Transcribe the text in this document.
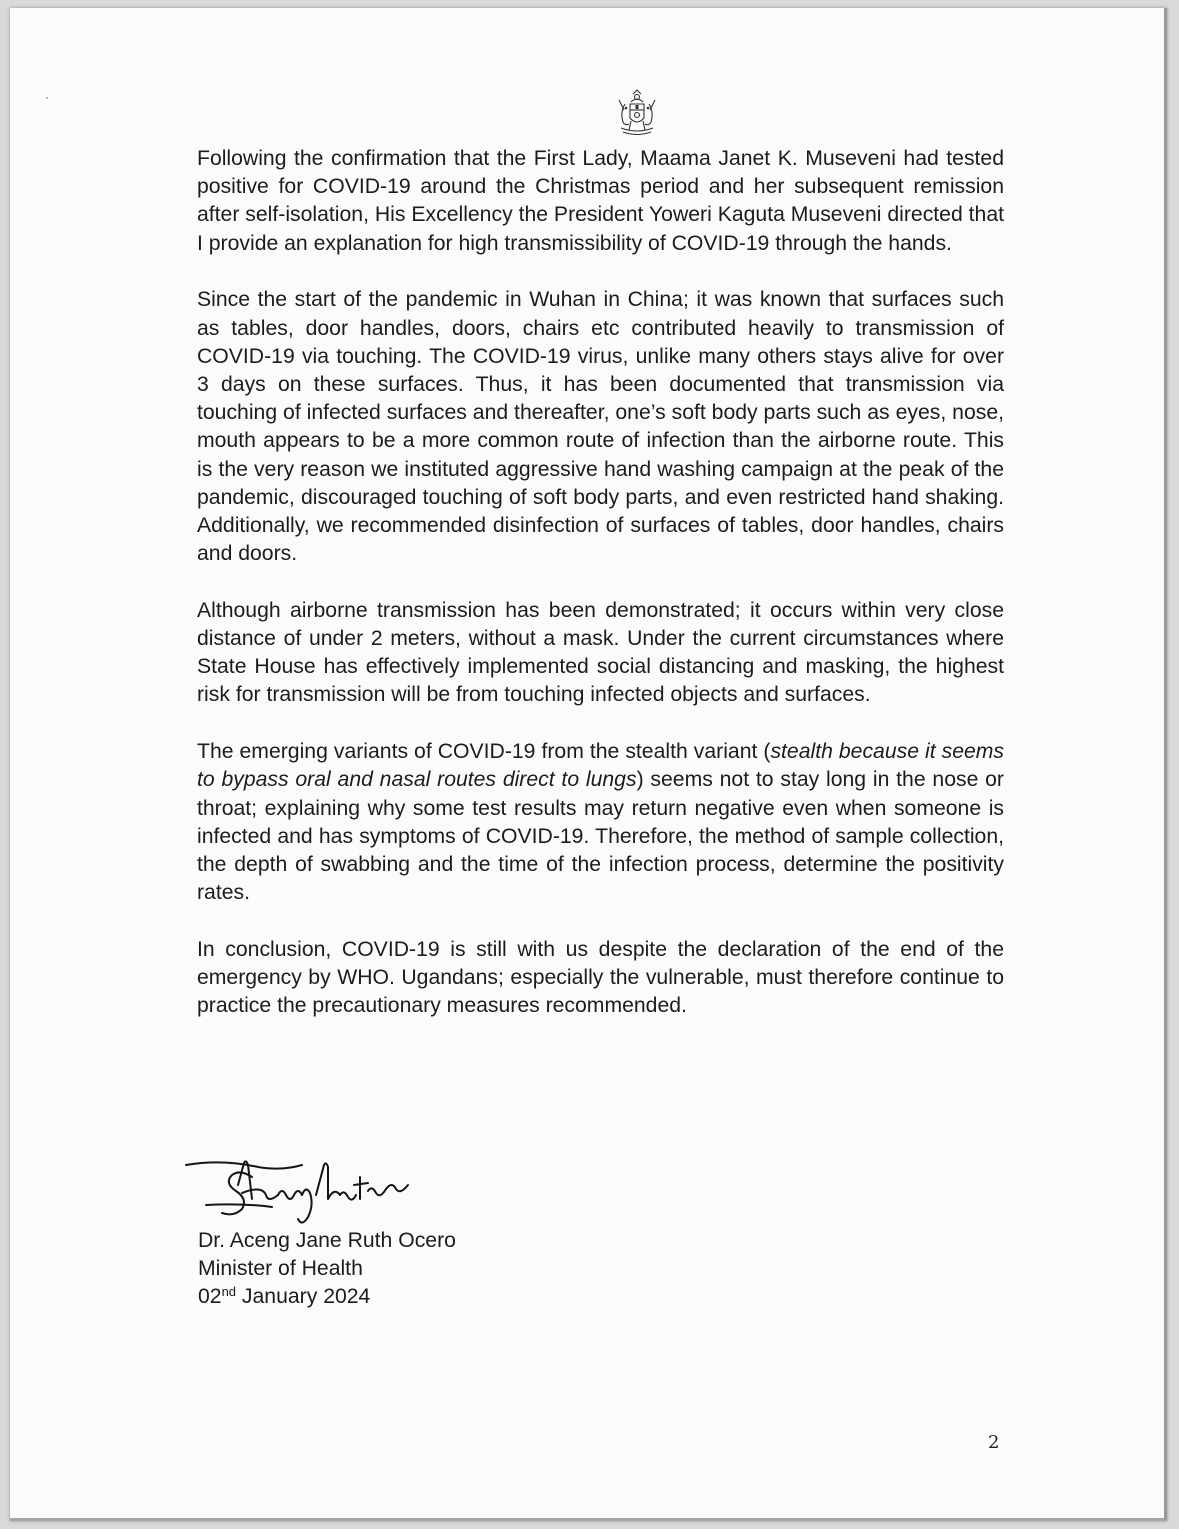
Following the confirmation that the First Lady, Maama Janet K. Museveni had tested positive for COVID-19 around the Christmas period and her subsequent remission after self-isolation, His Excellency the President Yoweri Kaguta Museveni directed that I provide an explanation for high transmissibility of COVID-19 through the hands.

Since the start of the pandemic in Wuhan in China; it was known that surfaces such as tables, door handles, doors, chairs etc contributed heavily to transmission of COVID-19 via touching. The COVID-19 virus, unlike many others stays alive for over 3 days on these surfaces. Thus, it has been documented that transmission via touching of infected surfaces and thereafter, one’s soft body parts such as eyes, nose, mouth appears to be a more common route of infection than the airborne route. This is the very reason we instituted aggressive hand washing campaign at the peak of the pandemic, discouraged touching of soft body parts, and even restricted hand shaking. Additionally, we recommended disinfection of surfaces of tables, door handles, chairs and doors.

Although airborne transmission has been demonstrated; it occurs within very close distance of under 2 meters, without a mask. Under the current circumstances where State House has effectively implemented social distancing and masking, the highest risk for transmission will be from touching infected objects and surfaces.

The emerging variants of COVID-19 from the stealth variant (stealth because it seems to bypass oral and nasal routes direct to lungs) seems not to stay long in the nose or throat; explaining why some test results may return negative even when someone is infected and has symptoms of COVID-19. Therefore, the method of sample collection, the depth of swabbing and the time of the infection process, determine the positivity rates.

In conclusion, COVID-19 is still with us despite the declaration of the end of the emergency by WHO. Ugandans; especially the vulnerable, must therefore continue to practice the precautionary measures recommended.

Dr. Aceng Jane Ruth Ocero
Minister of Health
02nd January 2024
2
